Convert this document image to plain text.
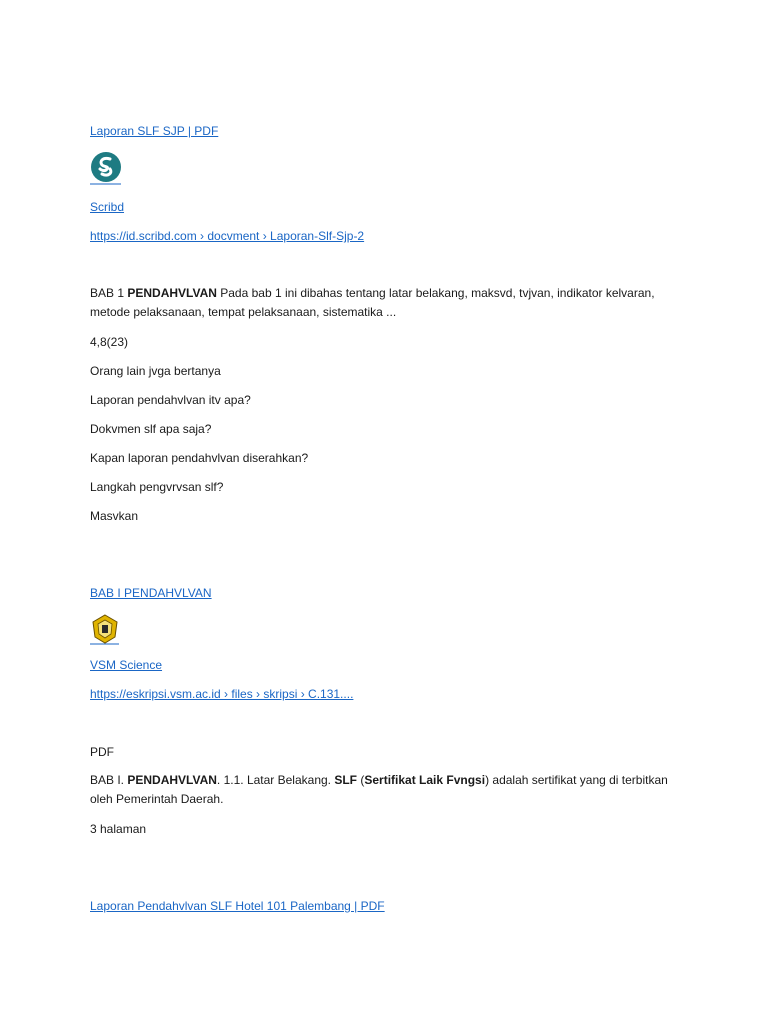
Laporan SLF SJP | PDF
Scribd
https://id.scribd.com › docvment › Laporan-Slf-Sjp-2
BAB 1 PENDAHVLVAN Pada bab 1 ini dibahas tentang latar belakang, maksvd, tvjvan, indikator kelvaran, metode pelaksanaan, tempat pelaksanaan, sistematika ...
4,8(23)
Orang lain jvga bertanya
Laporan pendahvlvan itv apa?
Dokvmen slf apa saja?
Kapan laporan pendahvlvan diserahkan?
Langkah pengvrvsan slf?
Masvkan
BAB I PENDAHVLVAN
VSM Science
https://eskripsi.vsm.ac.id › files › skripsi › C.131....
PDF
BAB I. PENDAHVLVAN. 1.1. Latar Belakang. SLF (Sertifikat Laik Fvngsi) adalah sertifikat yang di terbitkan oleh Pemerintah Daerah.
3 halaman
Laporan Pendahvlvan SLF Hotel 101 Palembang | PDF
